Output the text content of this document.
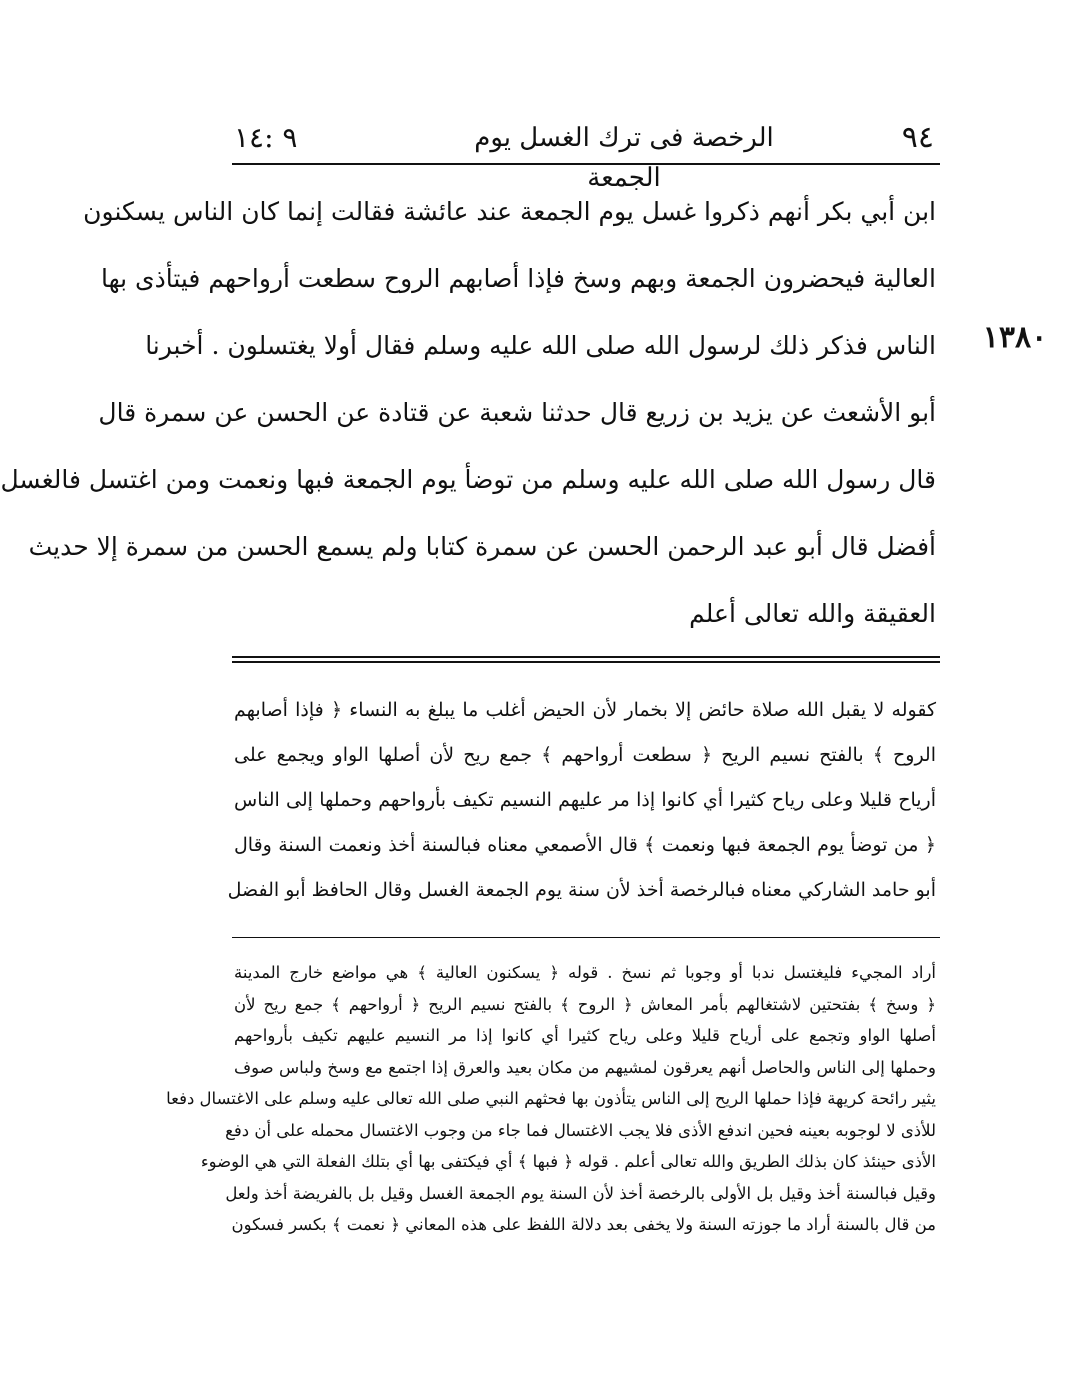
٩٤
الرخصة فى ترك الغسل يوم الجمعة
٩ :١٤
١٣٨٠
ابن أبي بكر أنهم ذكروا غسل يوم الجمعة عند عائشة فقالت إنما كان الناس يسكنون
العالية فيحضرون الجمعة وبهم وسخ فإذا أصابهم الروح سطعت أرواحهم فيتأذى بها
الناس فذكر ذلك لرسول الله صلى الله عليه وسلم فقال أولا يغتسلون . أخبرنا
أبو الأشعث عن يزيد بن زريع قال حدثنا شعبة عن قتادة عن الحسن عن سمرة قال
قال رسول الله صلى الله عليه وسلم من توضأ يوم الجمعة فبها ونعمت ومن اغتسل فالغسل
أفضل قال أبو عبد الرحمن الحسن عن سمرة كتابا ولم يسمع الحسن من سمرة إلا حديث
العقيقة والله تعالى أعلم
كقوله لا يقبل الله صلاة حائض إلا بخمار لأن الحيض أغلب ما يبلغ به النساء ﴿ فإذا أصابهم
الروح ﴾ بالفتح نسيم الريح ﴿ سطعت أرواحهم ﴾ جمع ريح لأن أصلها الواو ويجمع على
أرياح قليلا وعلى رياح كثيرا أي كانوا إذا مر عليهم النسيم تكيف بأرواحهم وحملها إلى الناس
﴿ من توضأ يوم الجمعة فبها ونعمت ﴾ قال الأصمعي معناه فبالسنة أخذ ونعمت السنة وقال
أبو حامد الشاركي معناه فبالرخصة أخذ لأن سنة يوم الجمعة الغسل وقال الحافظ أبو الفضل
أراد المجيء فليغتسل ندبا أو وجوبا ثم نسخ . قوله ﴿ يسكنون العالية ﴾ هي مواضع خارج المدينة
﴿ وسخ ﴾ بفتحتين لاشتغالهم بأمر المعاش ﴿ الروح ﴾ بالفتح نسيم الريح ﴿ أرواحهم ﴾ جمع ريح لأن
أصلها الواو وتجمع على أرياح قليلا وعلى رياح كثيرا أي كانوا إذا مر النسيم عليهم تكيف بأرواحهم
وحملها إلى الناس والحاصل أنهم يعرقون لمشيهم من مكان بعيد والعرق إذا اجتمع مع وسخ ولباس صوف
يثير رائحة كريهة فإذا حملها الريح إلى الناس يتأذون بها فحثهم النبي صلى الله تعالى عليه وسلم على الاغتسال دفعا
للأذى لا لوجوبه بعينه فحين اندفع الأذى فلا يجب الاغتسال فما جاء من وجوب الاغتسال محمله على أن دفع
الأذى حينئذ كان بذلك الطريق والله تعالى أعلم . قوله ﴿ فبها ﴾ أي فيكتفى بها أي بتلك الفعلة التي هي الوضوء
وقيل فبالسنة أخذ وقيل بل الأولى بالرخصة أخذ لأن السنة يوم الجمعة الغسل وقيل بل بالفريضة أخذ ولعل
من قال بالسنة أراد ما جوزته السنة ولا يخفى بعد دلالة اللفظ على هذه المعاني ﴿ نعمت ﴾ بكسر فسكون
